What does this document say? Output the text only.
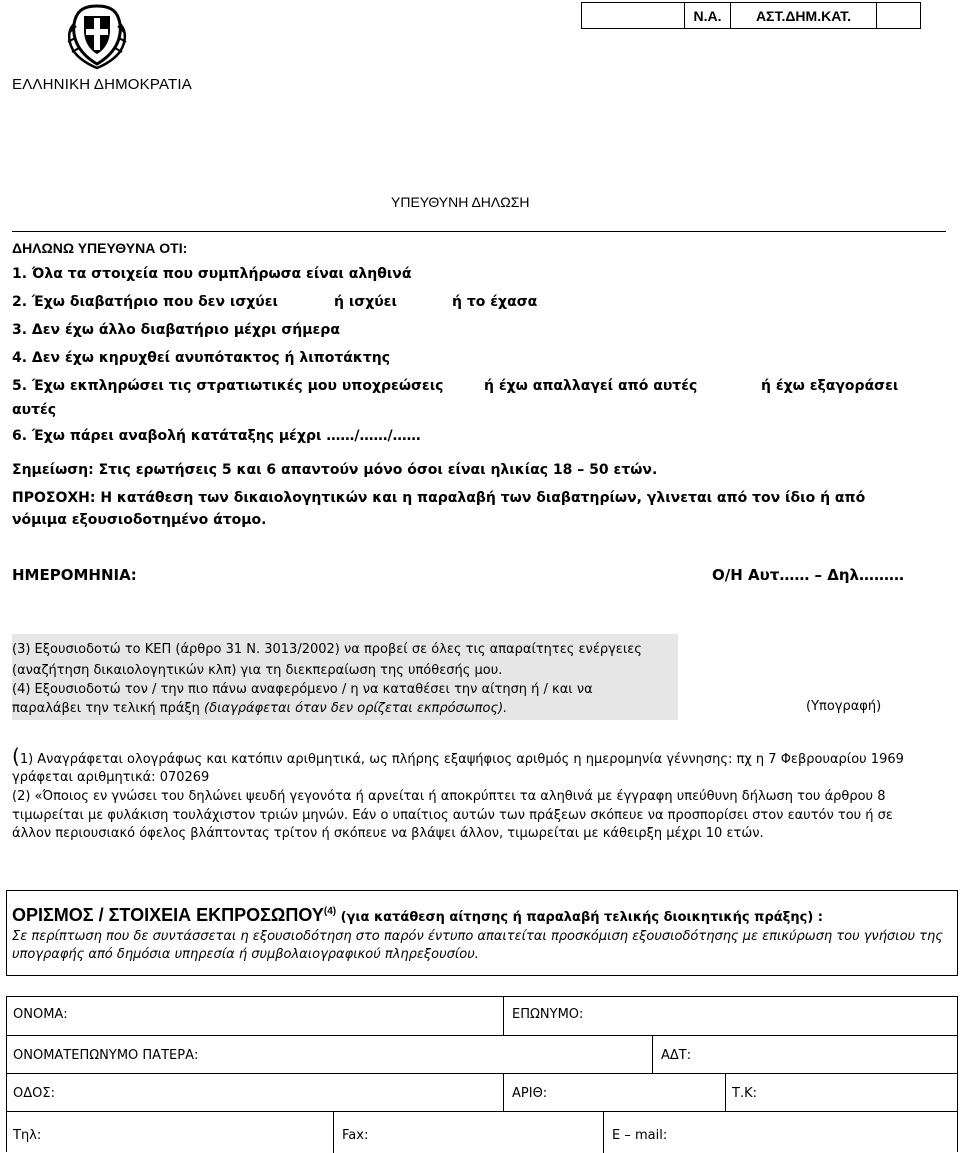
Ν.Α.	ΑΣΤ.ΔΗΜ.ΚΑΤ.
ΕΛΛΗΝΙΚΗ ΔΗΜΟΚΡΑΤΙΑ
ΥΠΕΥΘΥΝΗ ΔΗΛΩΣΗ
ΔΗΛΩΝΩ ΥΠΕΥΘΥΝΑ ΟΤΙ:
1. Όλα τα στοιχεία που συμπλήρωσα είναι αληθινά
2. Έχω διαβατήριο που δεν ισχύει	ή ισχύει	ή το έχασα
3. Δεν έχω άλλο διαβατήριο μέχρι σήμερα
4. Δεν έχω κηρυχθεί ανυπότακτος ή λιποτάκτης
5. Έχω εκπληρώσει τις στρατιωτικές μου υποχρεώσεις	ή έχω απαλλαγεί από αυτές	ή έχω εξαγοράσει
αυτές
6. Έχω πάρει αναβολή κατάταξης μέχρι ……/……/……
Σημείωση: Στις ερωτήσεις 5 και 6 απαντούν μόνο όσοι είναι ηλικίας 18 – 50 ετών.
ΠΡΟΣΟΧΗ: Η κατάθεση των δικαιολογητικών και η παραλαβή των διαβατηρίων, γλινεται από τον ίδιο ή από
νόμιμα εξουσιοδοτημένο άτομο.
ΗΜΕΡΟΜΗΝΙΑ:	Ο/Η Αυτ…… – Δηλ………
(3) Εξουσιοδοτώ το ΚΕΠ (άρθρο 31 Ν. 3013/2002) να προβεί σε όλες τις απαραίτητες ενέργειες
(αναζήτηση δικαιολογητικών κλπ) για τη διεκπεραίωση της υπόθεσής μου.
(4) Εξουσιοδοτώ τον / την πιο πάνω αναφερόμενο / η να καταθέσει την αίτηση ή / και να
παραλάβει την τελική πράξη (διαγράφεται όταν δεν ορίζεται εκπρόσωπος).	(Υπογραφή)
(1) Αναγράφεται ολογράφως και κατόπιν αριθμητικά, ως πλήρης εξαψήφιος αριθμός η ημερομηνία γέννησης: πχ η 7 Φεβρουαρίου 1969
γράφεται αριθμητικά: 070269
(2) «Όποιος εν γνώσει του δηλώνει ψευδή γεγονότα ή αρνείται ή αποκρύπτει τα αληθινά με έγγραφη υπεύθυνη δήλωση του άρθρου 8
τιμωρείται με φυλάκιση τουλάχιστον τριών μηνών. Εάν ο υπαίτιος αυτών των πράξεων σκόπευε να προσπορίσει στον εαυτόν του ή σε
άλλον περιουσιακό όφελος βλάπτοντας τρίτον ή σκόπευε να βλάψει άλλον, τιμωρείται με κάθειρξη μέχρι 10 ετών.
ΟΡΙΣΜΟΣ / ΣΤΟΙΧΕΙΑ ΕΚΠΡΟΣΩΠΟΥ$^{(4)}$ (για κατάθεση αίτησης ή παραλαβή τελικής διοικητικής πράξης) :
Σε περίπτωση που δε συντάσσεται η εξουσιοδότηση στο παρόν έντυπο απαιτείται προσκόμιση εξουσιοδότησης με επικύρωση του γνήσιου της
υπογραφής από δημόσια υπηρεσία ή συμβολαιογραφικού πληρεξουσίου.
ΟΝΟΜΑ:	ΕΠΩΝΥΜΟ:
ΟΝΟΜΑΤΕΠΩΝΥΜΟ ΠΑΤΕΡΑ:	ΑΔΤ:
ΟΔΟΣ:	ΑΡΙΘ:	Τ.Κ:
Τηλ:	Fax:	Ε – mail:
